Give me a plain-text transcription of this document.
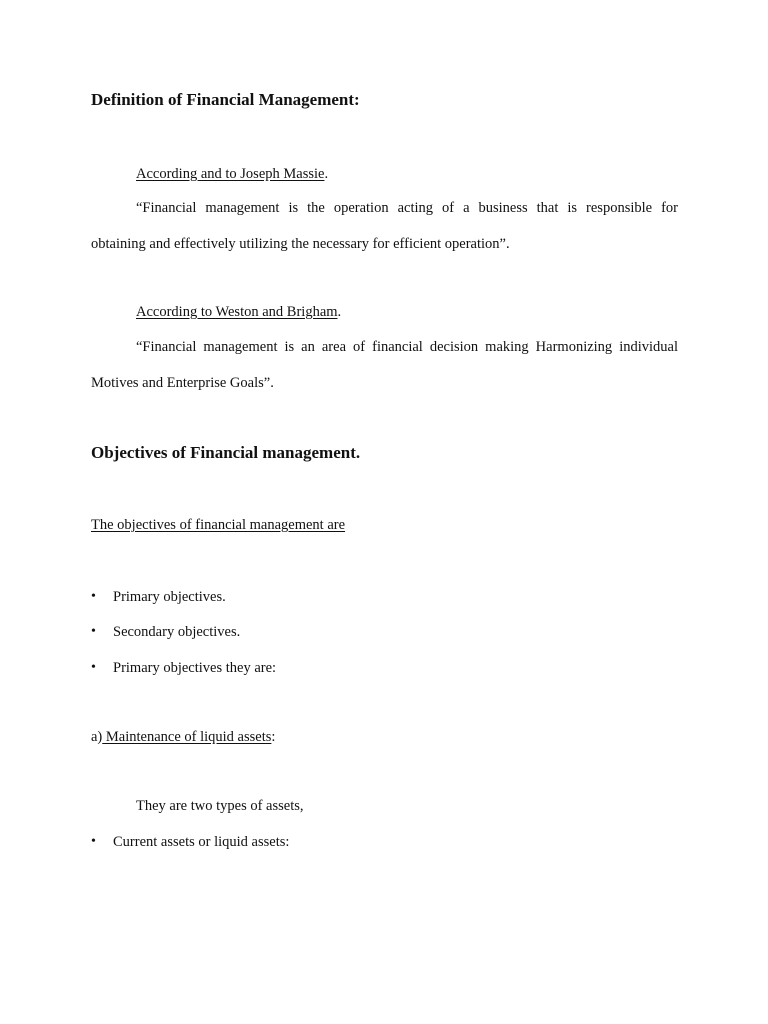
Definition of Financial Management:
According and to Joseph Massie.
“Financial management is the operation acting of a business that is responsible for
obtaining and effectively utilizing the necessary for efficient operation”.
According to Weston and Brigham.
“Financial management is an area of financial decision making Harmonizing individual
Motives and Enterprise Goals”.
Objectives of Financial management.
The objectives of financial management are
• Primary objectives.
• Secondary objectives.
• Primary objectives they are:
a) Maintenance of liquid assets:
They are two types of assets,
• Current assets or liquid assets:
